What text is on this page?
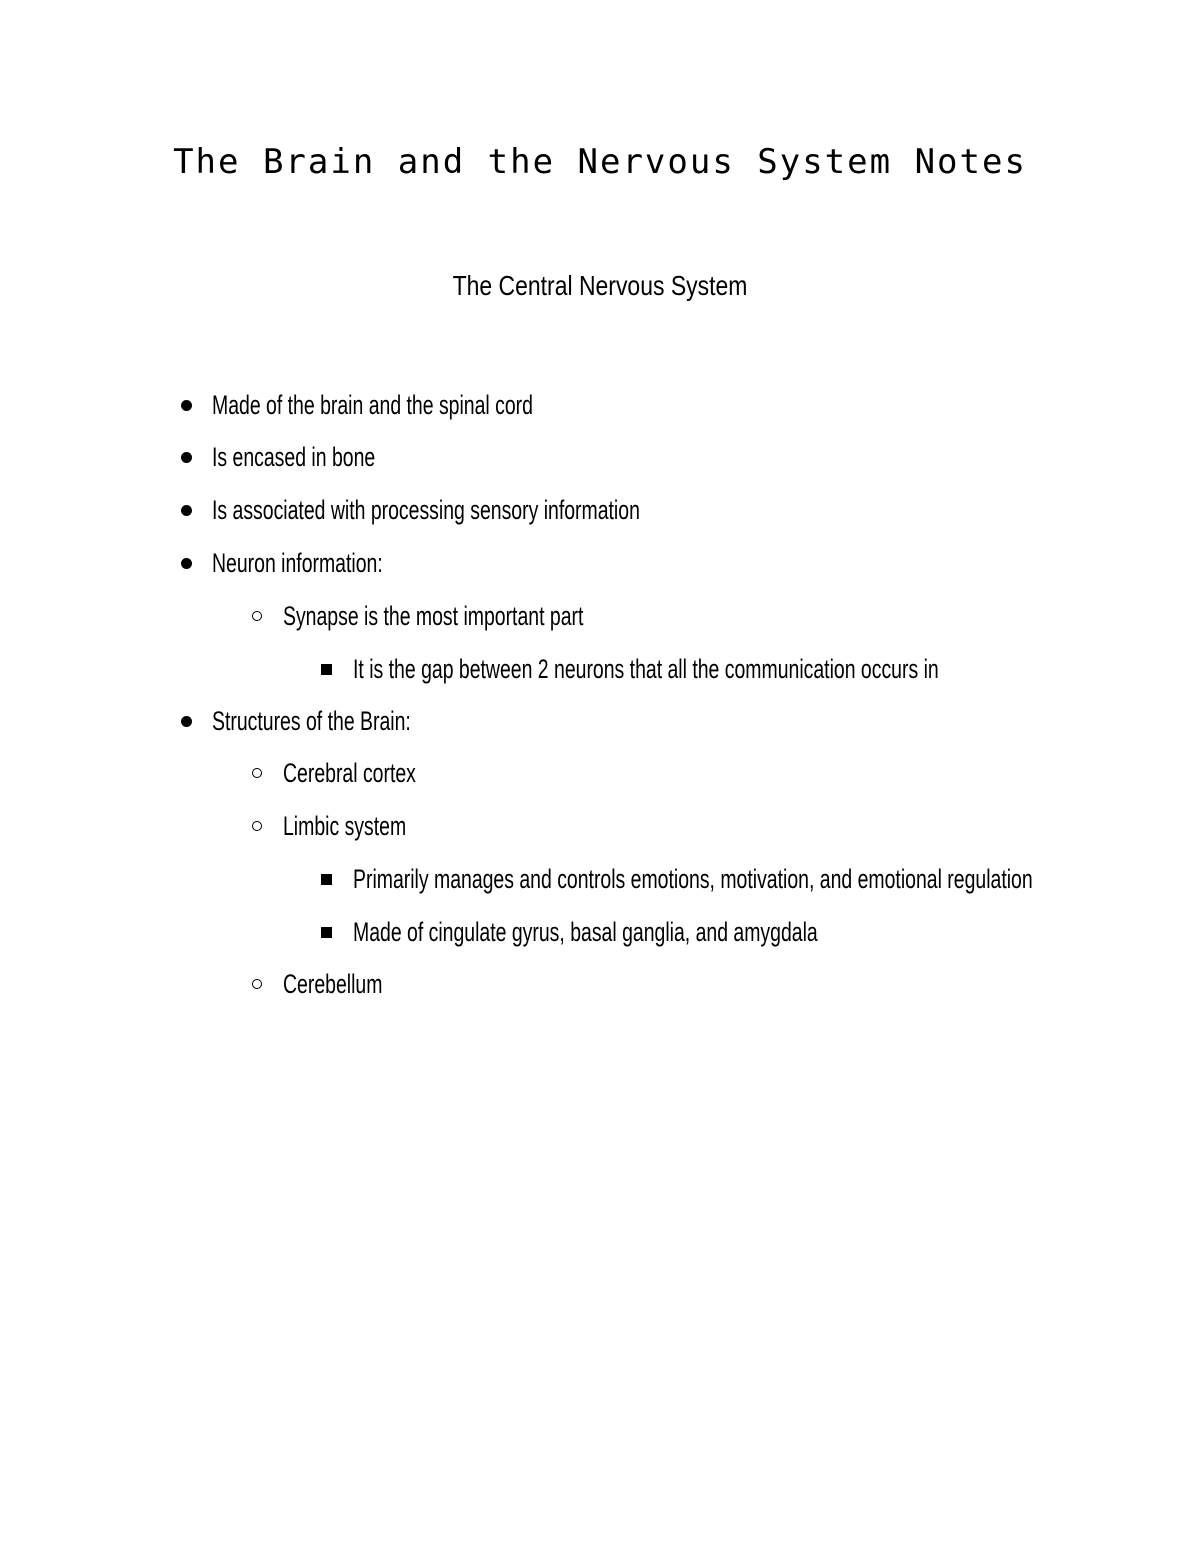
The Brain and the Nervous System Notes
The Central Nervous System
Made of the brain and the spinal cord
Is encased in bone
Is associated with processing sensory information
Neuron information:
Synapse is the most important part
It is the gap between 2 neurons that all the communication occurs in
Structures of the Brain:
Cerebral cortex
Limbic system
Primarily manages and controls emotions, motivation, and emotional regulation
Made of cingulate gyrus, basal ganglia, and amygdala
Cerebellum
